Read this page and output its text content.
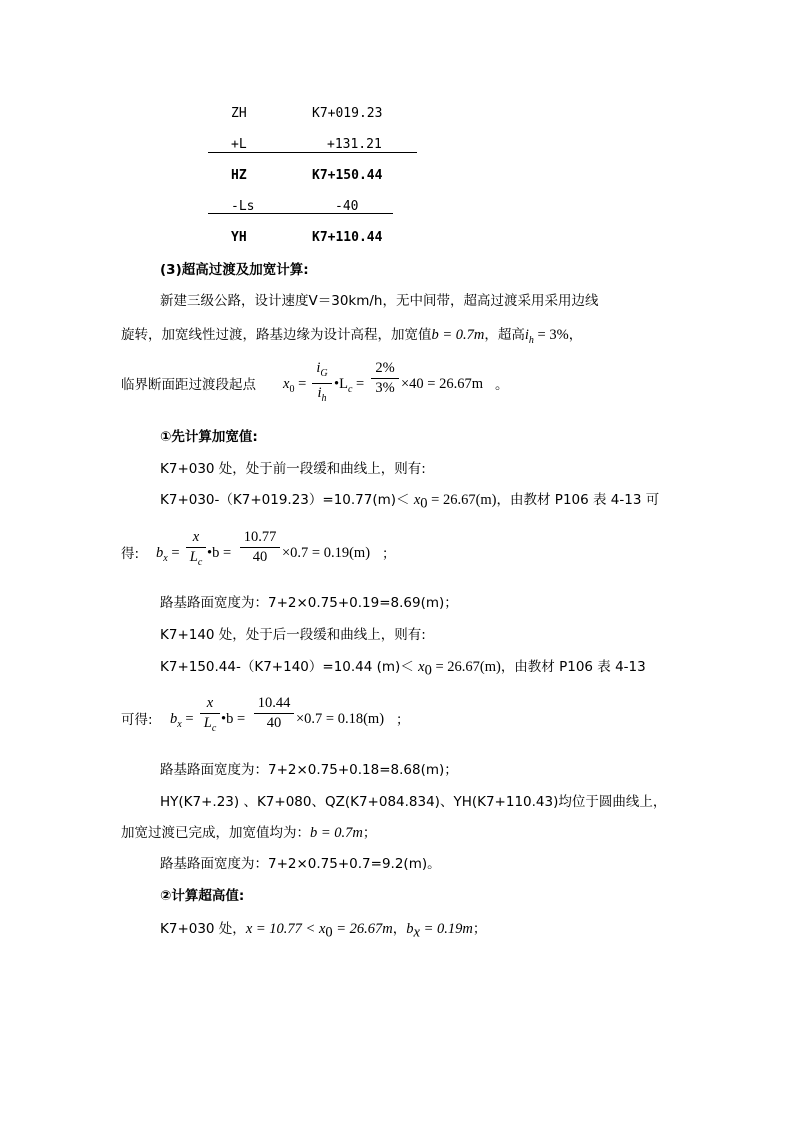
ZH	K7+019.23
+L	+131.21
HZ	K7+150.44
-Ls	-40
YH	K7+110.44
(3)超高过渡及加宽计算:
新建三级公路，设计速度V＝30km/h，无中间带，超高过渡采用采用边线
旋转，加宽线性过渡，路基边缘为设计高程，加宽值b = 0.7m，超高$i_h = 3\%$，
临界断面距过渡段起点 $x_0$ =
$i_G$
$i_h$
$•L_c$ =
2%
3% ×40 = 26.67m 。
①先计算加宽值:
K7+030 处，处于前一段缓和曲线上，则有:
$K7+030-(K7+019.23)=10.77(m)< x_0 = 26.67(m)$，由教材 P106 表 4-13 可
得: $b_x$ =
x
$L_c$
•b =
10.77
40	×0.7 = 0.19(m) ；
路基路面宽度为：7+2×0.75+0.19=8.69(m)；
K7+140 处，处于后一段缓和曲线上，则有:
K7+150.44-（K7+140）=10.44 $(m)< x_0 = 26.67(m)$，由教材 P106 表 4-13
可得: $b_x$ =
x
$L_c$
•b =
10.44
40	×0.7 = 0.18(m) ；
路基路面宽度为：7+2×0.75+0.18=8.68(m)；
HY(K7+.23) 、K7+080、QZ(K7+084.834)、YH(K7+110.43)均位于圆曲线上，
加宽过渡已完成，加宽值均为：b = 0.7m；
路基路面宽度为：7+2×0.75+0.7=9.2(m)。
②计算超高值:
K7+030 处，$x = 10.77 < x_0 = 26.67m$，$b_x = 0.19m$；
